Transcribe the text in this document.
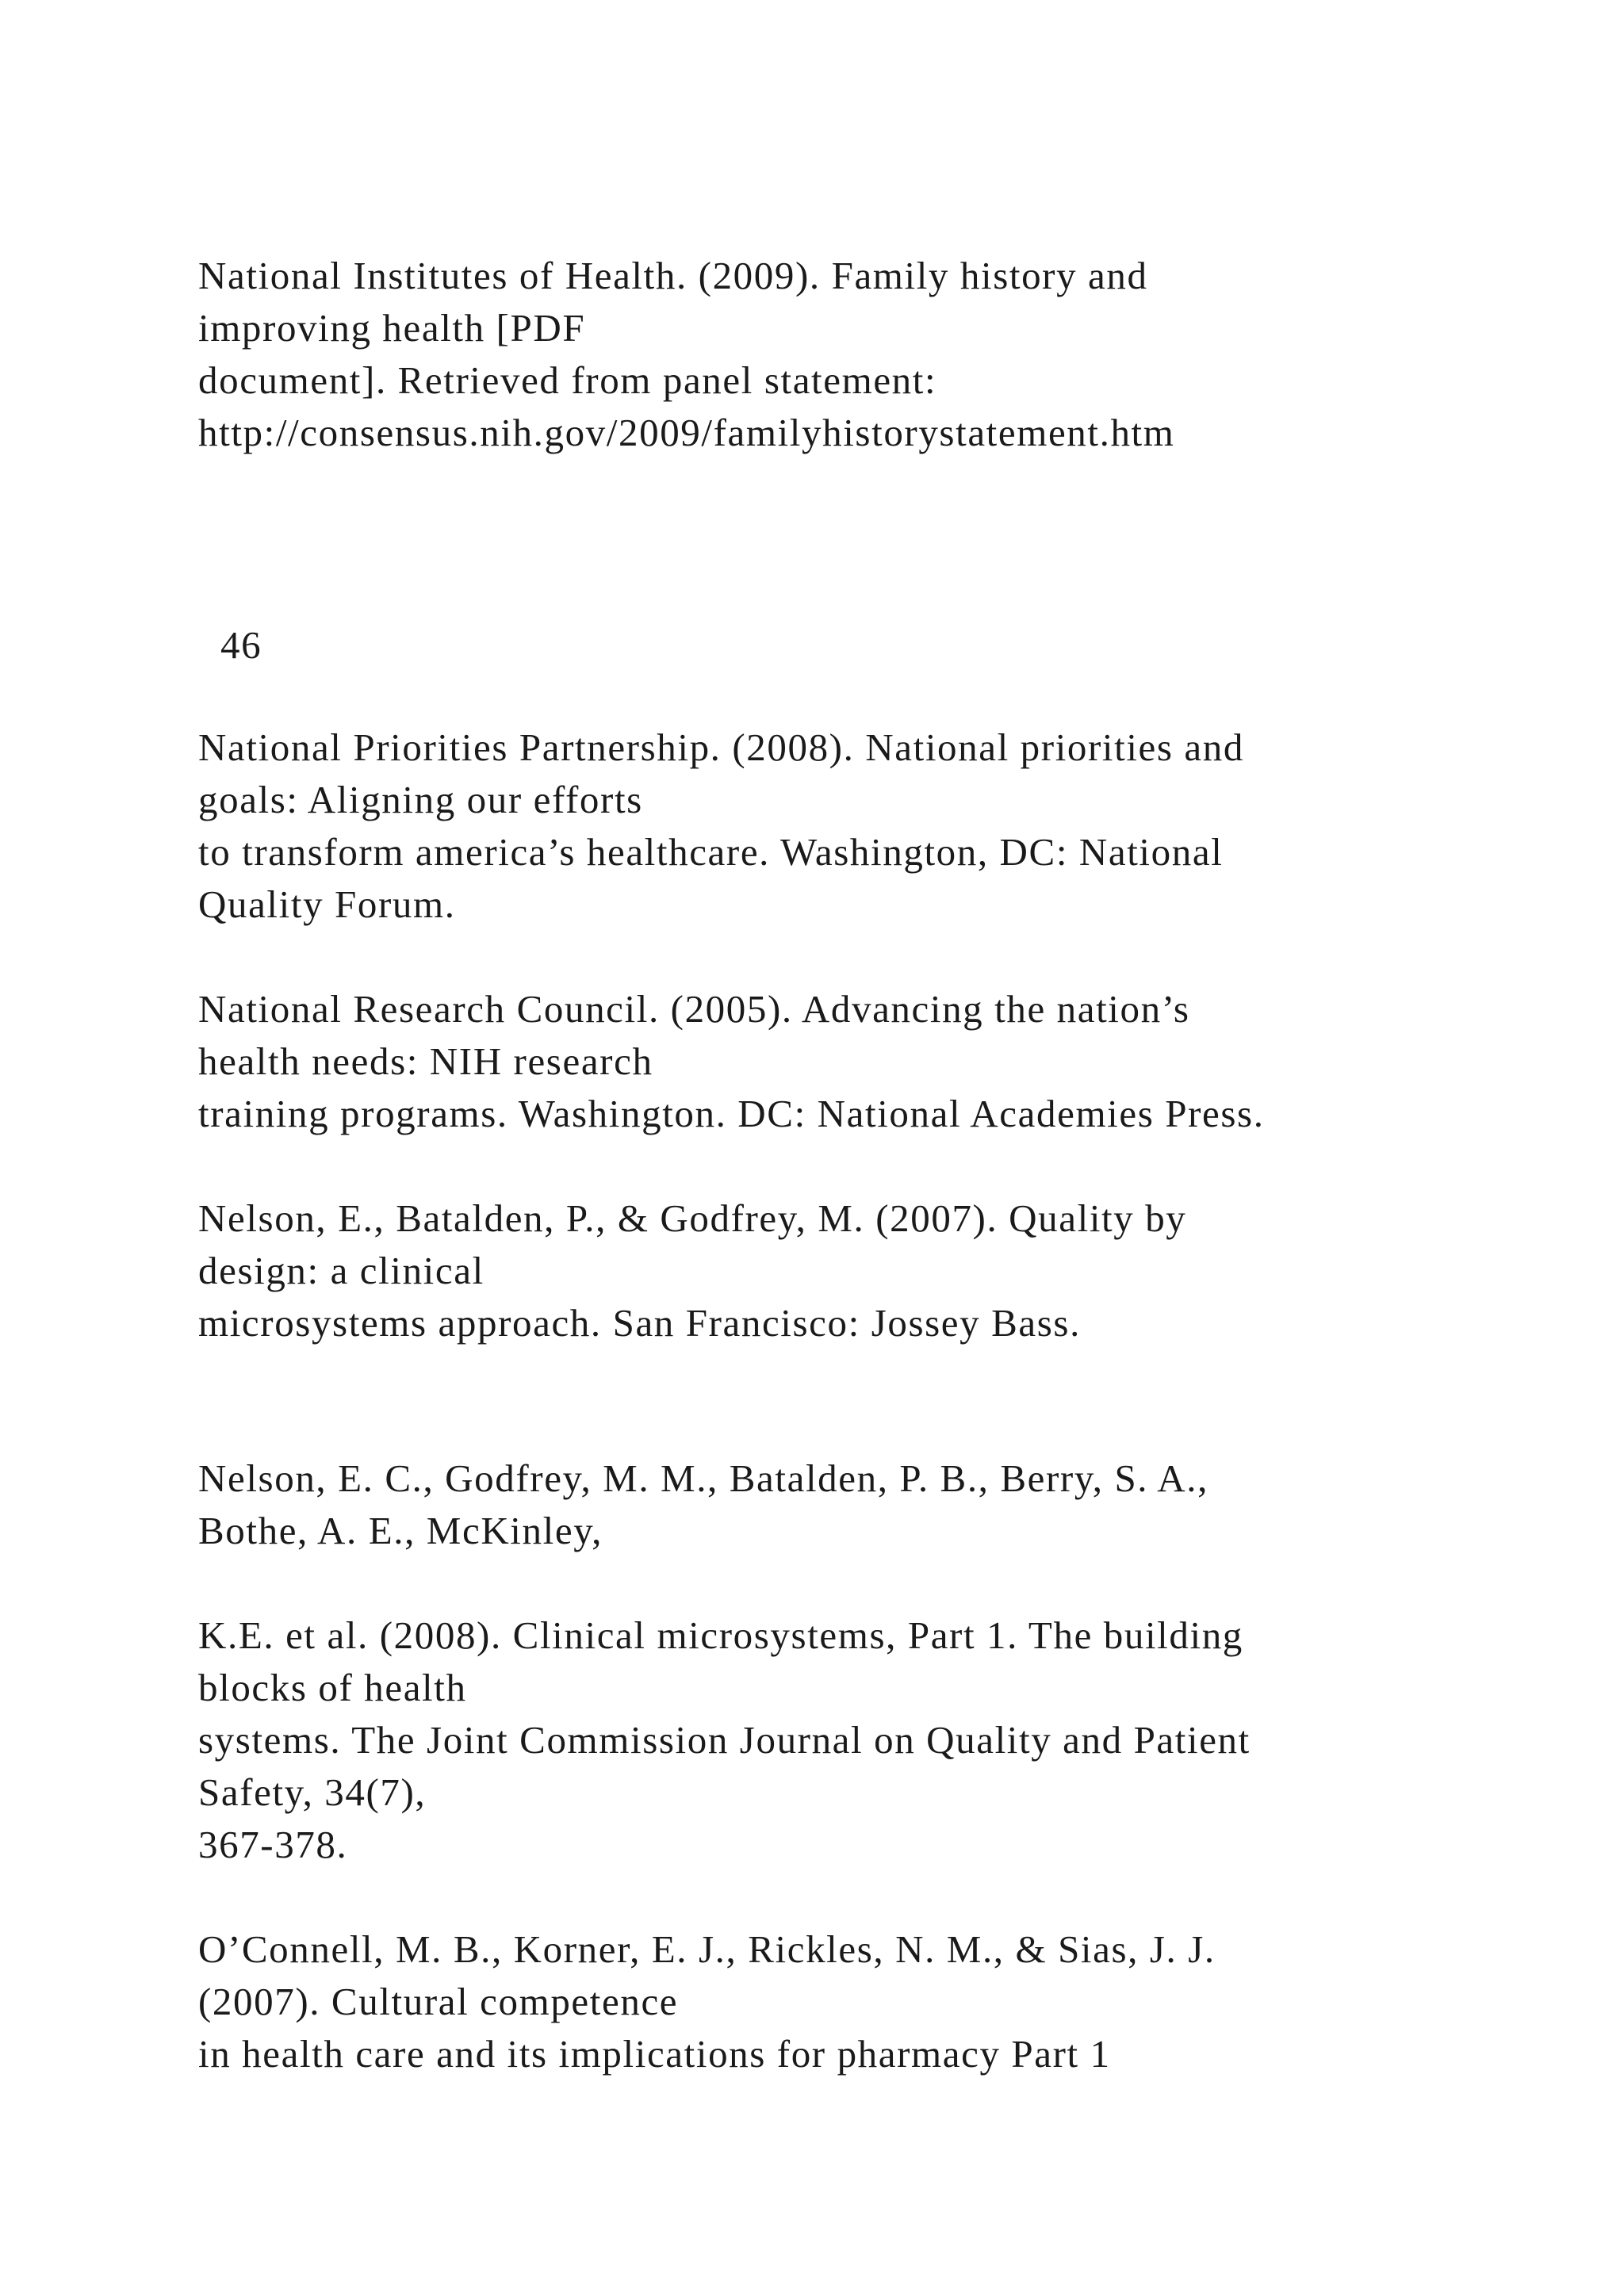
National Institutes of Health. (2009). Family history and
improving health [PDF
document]. Retrieved from panel statement:
http://consensus.nih.gov/2009/familyhistorystatement.htm
46
National Priorities Partnership. (2008). National priorities and
goals: Aligning our efforts
to transform america’s healthcare. Washington, DC: National
Quality Forum.
National Research Council. (2005). Advancing the nation’s
health needs: NIH research
training programs. Washington. DC: National Academies Press.
Nelson, E., Batalden, P., & Godfrey, M. (2007). Quality by
design: a clinical
microsystems approach. San Francisco: Jossey Bass.
Nelson, E. C., Godfrey, M. M., Batalden, P. B., Berry, S. A.,
Bothe, A. E., McKinley,
K.E. et al. (2008). Clinical microsystems, Part 1. The building
blocks of health
systems. The Joint Commission Journal on Quality and Patient
Safety, 34(7),
367-378.
O’Connell, M. B., Korner, E. J., Rickles, N. M., & Sias, J. J.
(2007). Cultural competence
in health care and its implications for pharmacy Part 1
